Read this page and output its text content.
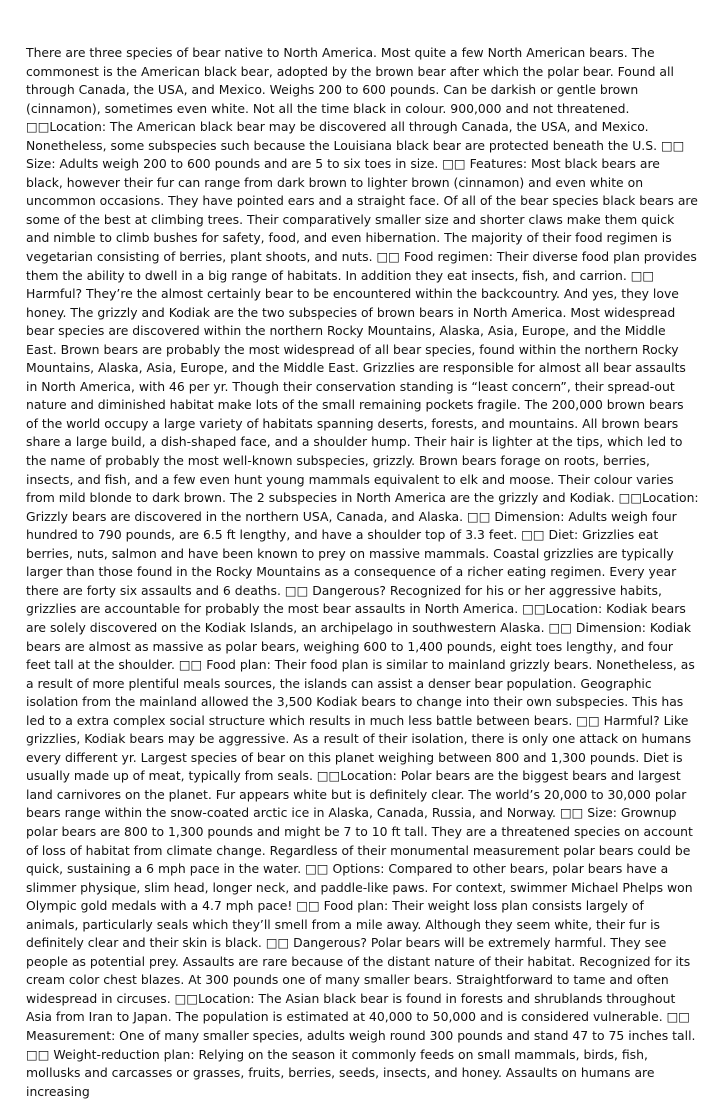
There are three species of bear native to North America. Most quite a few North American bears. The commonest is the American black bear, adopted by the brown bear after which the polar bear. Found all through Canada, the USA, and Mexico. Weighs 200 to 600 pounds. Can be darkish or gentle brown (cinnamon), sometimes even white. Not all the time black in colour. 900,000 and not threatened. □□Location: The American black bear may be discovered all through Canada, the USA, and Mexico. Nonetheless, some subspecies such because the Louisiana black bear are protected beneath the U.S. □□ Size: Adults weigh 200 to 600 pounds and are 5 to six toes in size. □□ Features: Most black bears are black, however their fur can range from dark brown to lighter brown (cinnamon) and even white on uncommon occasions. They have pointed ears and a straight face. Of all of the bear species black bears are some of the best at climbing trees. Their comparatively smaller size and shorter claws make them quick and nimble to climb bushes for safety, food, and even hibernation. The majority of their food regimen is vegetarian consisting of berries, plant shoots, and nuts. □□ Food regimen: Their diverse food plan provides them the ability to dwell in a big range of habitats. In addition they eat insects, fish, and carrion. □□ Harmful? They’re the almost certainly bear to be encountered within the backcountry. And yes, they love honey. The grizzly and Kodiak are the two subspecies of brown bears in North America. Most widespread bear species are discovered within the northern Rocky Mountains, Alaska, Asia, Europe, and the Middle East. Brown bears are probably the most widespread of all bear species, found within the northern Rocky Mountains, Alaska, Asia, Europe, and the Middle East. Grizzlies are responsible for almost all bear assaults in North America, with 46 per yr. Though their conservation standing is “least concern”, their spread-out nature and diminished habitat make lots of the small remaining pockets fragile. The 200,000 brown bears of the world occupy a large variety of habitats spanning deserts, forests, and mountains. All brown bears share a large build, a dish-shaped face, and a shoulder hump. Their hair is lighter at the tips, which led to the name of probably the most well-known subspecies, grizzly. Brown bears forage on roots, berries, insects, and fish, and a few even hunt young mammals equivalent to elk and moose. Their colour varies from mild blonde to dark brown. The 2 subspecies in North America are the grizzly and Kodiak. □□Location: Grizzly bears are discovered in the northern USA, Canada, and Alaska. □□ Dimension: Adults weigh four hundred to 790 pounds, are 6.5 ft lengthy, and have a shoulder top of 3.3 feet. □□ Diet: Grizzlies eat berries, nuts, salmon and have been known to prey on massive mammals. Coastal grizzlies are typically larger than those found in the Rocky Mountains as a consequence of a richer eating regimen. Every year there are forty six assaults and 6 deaths. □□ Dangerous? Recognized for his or her aggressive habits, grizzlies are accountable for probably the most bear assaults in North America. □□Location: Kodiak bears are solely discovered on the Kodiak Islands, an archipelago in southwestern Alaska. □□ Dimension: Kodiak bears are almost as massive as polar bears, weighing 600 to 1,400 pounds, eight toes lengthy, and four feet tall at the shoulder. □□ Food plan: Their food plan is similar to mainland grizzly bears. Nonetheless, as a result of more plentiful meals sources, the islands can assist a denser bear population. Geographic isolation from the mainland allowed the 3,500 Kodiak bears to change into their own subspecies. This has led to a extra complex social structure which results in much less battle between bears. □□ Harmful? Like grizzlies, Kodiak bears may be aggressive. As a result of their isolation, there is only one attack on humans every different yr. Largest species of bear on this planet weighing between 800 and 1,300 pounds. Diet is usually made up of meat, typically from seals. □□Location: Polar bears are the biggest bears and largest land carnivores on the planet. Fur appears white but is definitely clear. The world’s 20,000 to 30,000 polar bears range within the snow-coated arctic ice in Alaska, Canada, Russia, and Norway. □□ Size: Grownup polar bears are 800 to 1,300 pounds and might be 7 to 10 ft tall. They are a threatened species on account of loss of habitat from climate change. Regardless of their monumental measurement polar bears could be quick, sustaining a 6 mph pace in the water. □□ Options: Compared to other bears, polar bears have a slimmer physique, slim head, longer neck, and paddle-like paws. For context, swimmer Michael Phelps won Olympic gold medals with a 4.7 mph pace! □□ Food plan: Their weight loss plan consists largely of animals, particularly seals which they’ll smell from a mile away. Although they seem white, their fur is definitely clear and their skin is black. □□ Dangerous? Polar bears will be extremely harmful. They see people as potential prey. Assaults are rare because of the distant nature of their habitat. Recognized for its cream color chest blazes. At 300 pounds one of many smaller bears. Straightforward to tame and often widespread in circuses. □□Location: The Asian black bear is found in forests and shrublands throughout Asia from Iran to Japan. The population is estimated at 40,000 to 50,000 and is considered vulnerable. □□ Measurement: One of many smaller species, adults weigh round 300 pounds and stand 47 to 75 inches tall. □□ Weight-reduction plan: Relying on the season it commonly feeds on small mammals, birds, fish, mollusks and carcasses or grasses, fruits, berries, seeds, insects, and honey. Assaults on humans are increasing
